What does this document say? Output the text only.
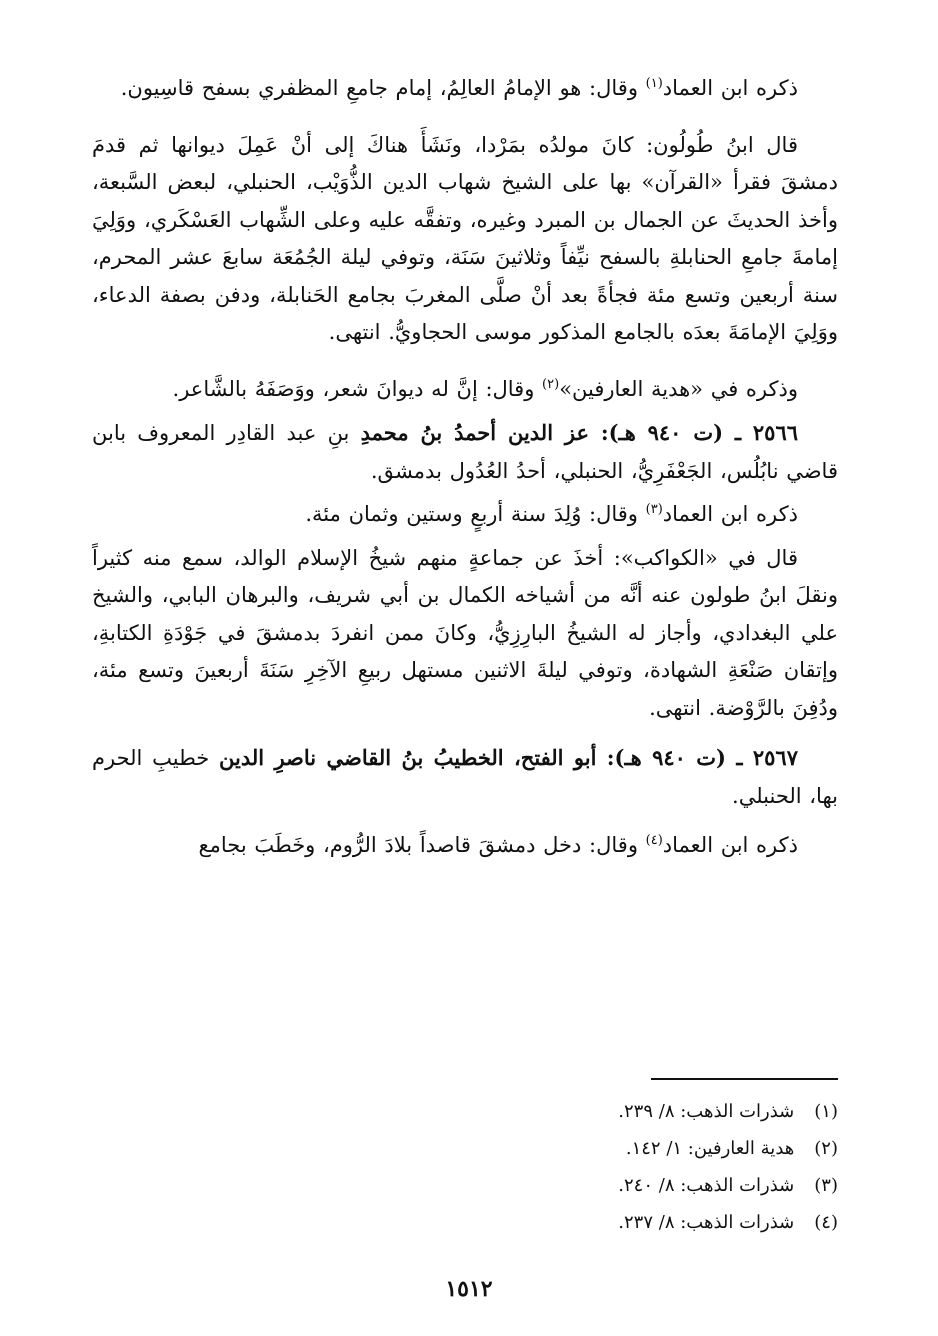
ذكره ابن العماد$^{(١)}$ وقال: هو الإمامُ العالِمُ، إمام جامعِ المظفري بسفح قاسِيون.

قال ابنُ طُولُون: كانَ مولدُه بمَرْدا، ونَشَأَ هناكَ إلى أنْ عَمِلَ ديوانها ثم قدمَ دمشقَ فقرأ «القرآن» بها على الشيخ شهاب الدين الذُّوَيْب، الحنبلي، لبعض السَّبعة، وأخذ الحديثَ عن الجمال بن المبرد وغيره، وتفقَّه عليه وعلى الشِّهاب العَسْكَري، ووَلِيَ إمامةَ جامعِ الحنابلةِ بالسفح نيِّفاً وثلاثينَ سَنَة، وتوفي ليلة الجُمُعَة سابعَ عشر المحرم، سنة أربعين وتسع مئة فجأةً بعد أنْ صلَّى المغربَ بجامع الحَنابلة، ودفن بصفة الدعاء، ووَلِيَ الإمامَةَ بعدَه بالجامع المذكور موسى الحجاويُّ. انتهى.

وذكره في «هدية العارفين»$^{(٢)}$ وقال: إنَّ له ديوانَ شعر، ووَصَفَهُ بالشَّاعر.

٢٥٦٦ ـ (ت ٩٤٠ هـ): عز الدين أحمدُ بنُ محمدِ بنِ عبد القادِر المعروف بابن قاضي نابُلُس، الجَعْفَرِيُّ، الحنبلي، أحدُ العُدُول بدمشق.

ذكره ابن العماد$^{(٣)}$ وقال: وُلِدَ سنة أربعٍ وستين وثمان مئة.

قال في «الكواكب»: أخذَ عن جماعةٍ منهم شيخُ الإسلام الوالد، سمع منه كثيراً ونقلَ ابنُ طولون عنه أنَّه من أشياخه الكمال بن أبي شريف، والبرهان البابي، والشيخ علي البغدادي، وأجاز له الشيخُ البارِزِيُّ، وكانَ ممن انفردَ بدمشقَ في جَوْدَةِ الكتابةِ، وإتقان صَنْعَةِ الشهادة، وتوفي ليلةَ الاثنين مستهل ربيعِ الآخِرِ سَنَةَ أربعينَ وتسع مئة، ودُفِنَ بالرَّوْضة. انتهى.

٢٥٦٧ ـ (ت ٩٤٠ هـ): أبو الفتح، الخطيبُ بنُ القاضي ناصرِ الدين خطيبِ الحرم بها، الحنبلي.

ذكره ابن العماد$^{(٤)}$ وقال: دخل دمشقَ قاصداً بلادَ الرُّوم، وخَطَبَ بجامع

(١) شذرات الذهب: ٨/ ٢٣٩.
(٢) هدية العارفين: ١/ ١٤٢.
(٣) شذرات الذهب: ٨/ ٢٤٠.
(٤) شذرات الذهب: ٨/ ٢٣٧.
١٥١٢
